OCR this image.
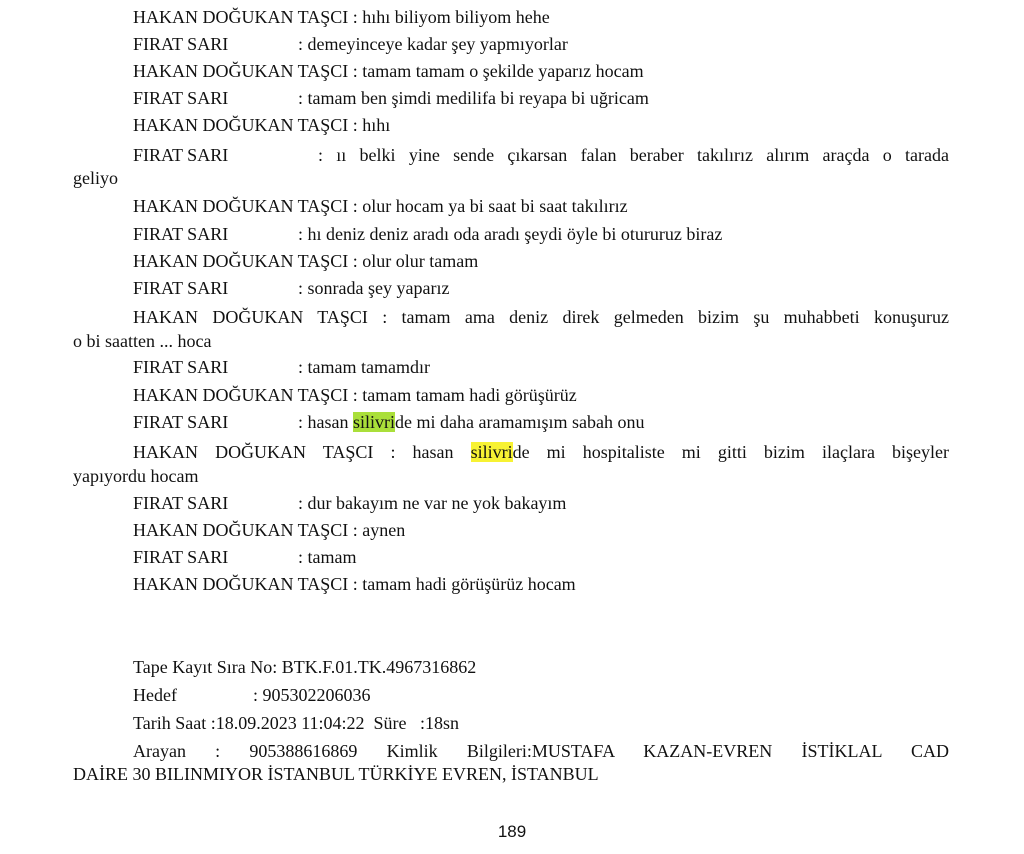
HAKAN DOĞUKAN TAŞCI : hıhı biliyom biliyom hehe

FIRAT SARI	: demeyinceye kadar şey yapmıyorlar

HAKAN DOĞUKAN TAŞCI : tamam tamam o şekilde yaparız hocam

FIRAT SARI	: tamam ben şimdi medilifa bi reyapa bi uğricam

HAKAN DOĞUKAN TAŞCI : hıhı

FIRAT SARI	: ıı belki yine sende çıkarsan falan beraber takılırız alırım araçda o tarada

geliyo

HAKAN DOĞUKAN TAŞCI : olur hocam ya bi saat bi saat takılırız

FIRAT SARI	: hı deniz deniz aradı oda aradı şeydi öyle bi otururuz biraz

HAKAN DOĞUKAN TAŞCI : olur olur tamam

FIRAT SARI	: sonrada şey yaparız
HAKAN DOĞUKAN TAŞCI : tamam ama deniz direk gelmeden bizim şu muhabbeti konuşuruz

o bi saatten ... hoca

FIRAT SARI	: tamam tamamdır

HAKAN DOĞUKAN TAŞCI : tamam tamam hadi görüşürüz

FIRAT SARI	: hasan silivride mi daha aramamışım sabah onu
HAKAN DOĞUKAN TAŞCI : hasan silivride mi hospitaliste mi gitti bizim ilaçlara bişeyler

yapıyordu hocam

FIRAT SARI	: dur bakayım ne var ne yok bakayım

HAKAN DOĞUKAN TAŞCI : aynen

FIRAT SARI	: tamam

HAKAN DOĞUKAN TAŞCI : tamam hadi görüşürüz hocam

Tape Kayıt Sıra No: BTK.F.01.TK.4967316862

Hedef	: 905302206036

Tarih Saat :18.09.2023 11:04:22  Süre   :18sn

Arayan : 905388616869 Kimlik Bilgileri:MUSTAFA KAZAN-EVREN İSTİKLAL CAD

DAİRE 30 BILINMIYOR İSTANBUL TÜRKİYE EVREN, İSTANBUL

189
